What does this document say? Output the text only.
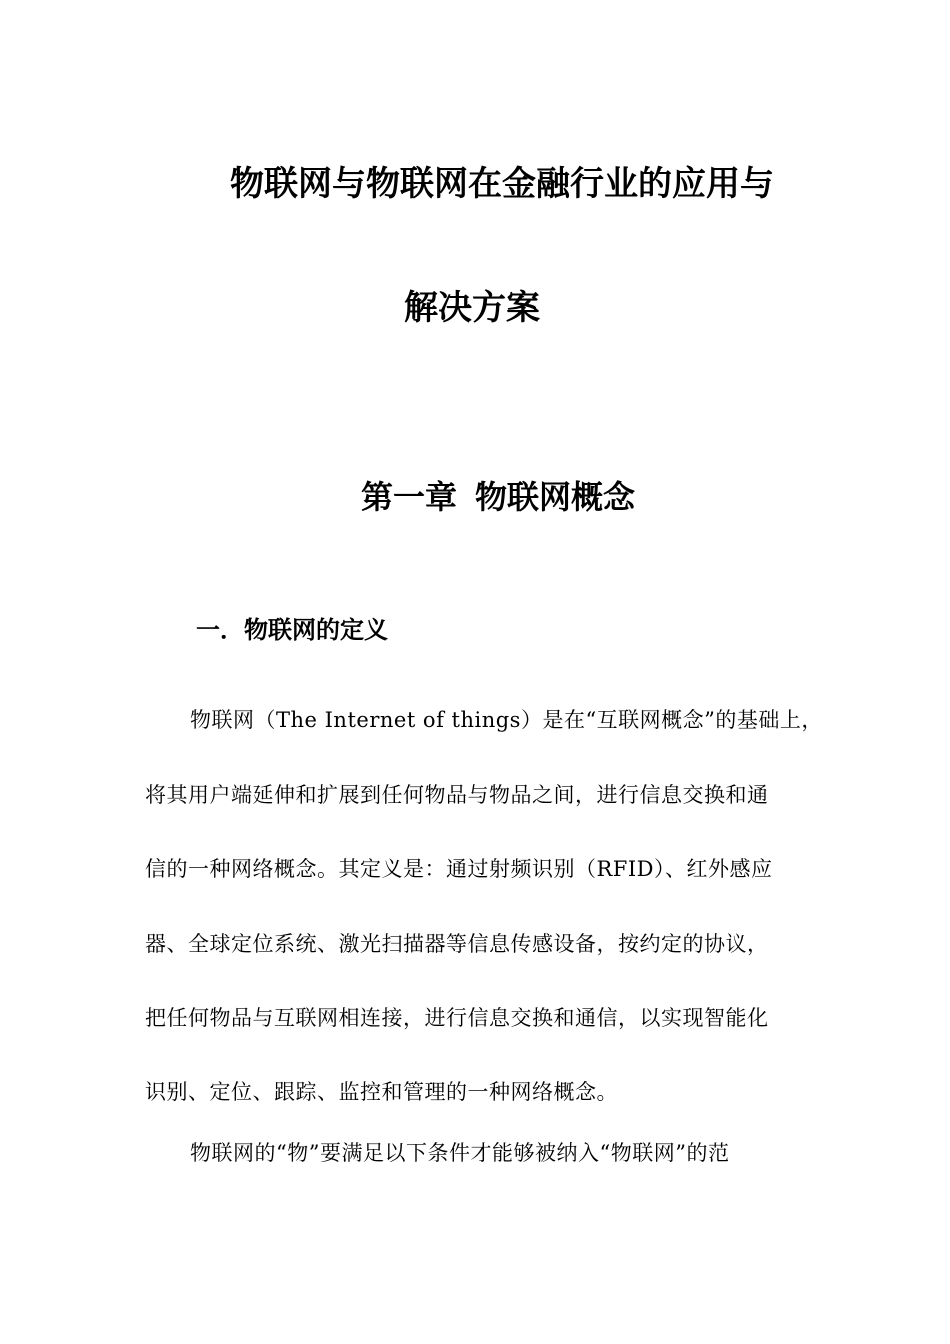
物联网与物联网在金融行业的应用与
解决方案
第一章 物联网概念
一．物联网的定义
物联网（The Internet of things）是在“互联网概念”的基础上，
将其用户端延伸和扩展到任何物品与物品之间，进行信息交换和通
信的一种网络概念。其定义是：通过射频识别（RFID）、红外感应
器、全球定位系统、激光扫描器等信息传感设备，按约定的协议，
把任何物品与互联网相连接，进行信息交换和通信，以实现智能化
识别、定位、跟踪、监控和管理的一种网络概念。
物联网的“物”要满足以下条件才能够被纳入“物联网”的范
